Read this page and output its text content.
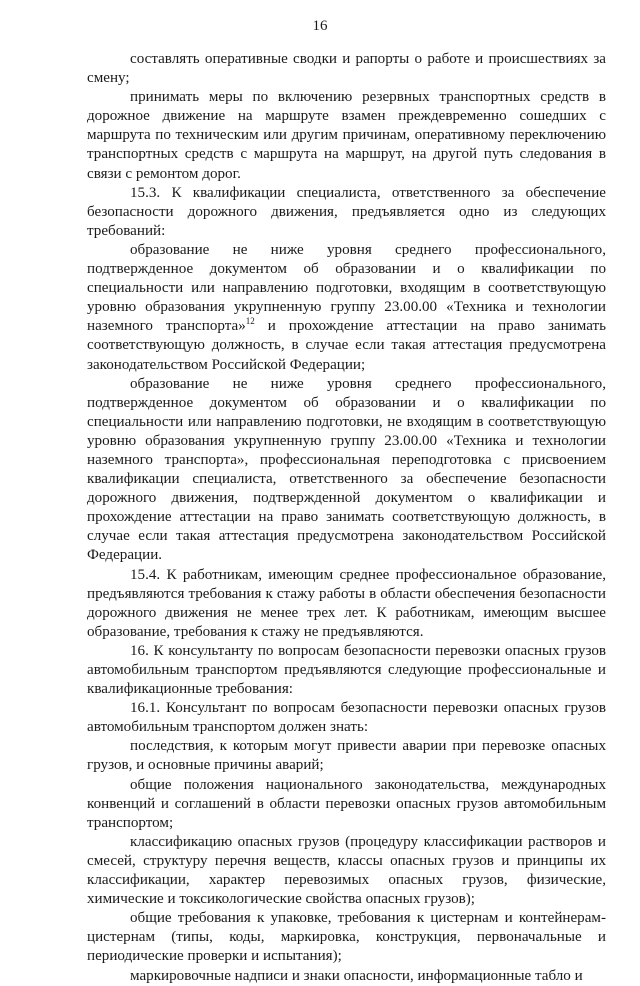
16

составлять оперативные сводки и рапорты о работе и происшествиях за смену;

принимать меры по включению резервных транспортных средств в дорожное движение на маршруте взамен преждевременно сошедших с маршрута по техническим или другим причинам, оперативному переключению транспортных средств с маршрута на маршрут, на другой путь следования в связи с ремонтом дорог.

15.3. К квалификации специалиста, ответственного за обеспечение безопасности дорожного движения, предъявляется одно из следующих требований:

образование не ниже уровня среднего профессионального, подтвержденное документом об образовании и о квалификации по специальности или направлению подготовки, входящим в соответствующую уровню образования укрупненную группу 23.00.00 «Техника и технологии наземного транспорта»$^{12}$ и прохождение аттестации на право занимать соответствующую должность, в случае если такая аттестация предусмотрена законодательством Российской Федерации;

образование не ниже уровня среднего профессионального, подтвержденное документом об образовании и о квалификации по специальности или направлению подготовки, не входящим в соответствующую уровню образования укрупненную группу 23.00.00 «Техника и технологии наземного транспорта», профессиональная переподготовка с присвоением квалификации специалиста, ответственного за обеспечение безопасности дорожного движения, подтвержденной документом о квалификации и прохождение аттестации на право занимать соответствующую должность, в случае если такая аттестация предусмотрена законодательством Российской Федерации.

15.4. К работникам, имеющим среднее профессиональное образование, предъявляются требования к стажу работы в области обеспечения безопасности дорожного движения не менее трех лет. К работникам, имеющим высшее образование, требования к стажу не предъявляются.

16. К консультанту по вопросам безопасности перевозки опасных грузов автомобильным транспортом предъявляются следующие профессиональные и квалификационные требования:

16.1. Консультант по вопросам безопасности перевозки опасных грузов автомобильным транспортом должен знать:

последствия, к которым могут привести аварии при перевозке опасных грузов, и основные причины аварий;

общие положения национального законодательства, международных конвенций и соглашений в области перевозки опасных грузов автомобильным транспортом;

классификацию опасных грузов (процедуру классификации растворов и смесей, структуру перечня веществ, классы опасных грузов и принципы их классификации, характер перевозимых опасных грузов, физические, химические и токсикологические свойства опасных грузов);

общие требования к упаковке, требования к цистернам и контейнерам-цистернам (типы, коды, маркировка, конструкция, первоначальные и периодические проверки и испытания);

маркировочные надписи и знаки опасности, информационные табло и
